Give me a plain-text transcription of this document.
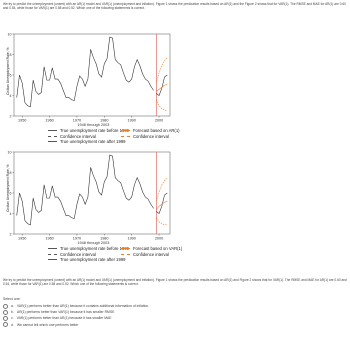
We try to predict the unemployment (unemt) with an AR(1) model and VAR(1) (unemployment and inflation). Figure 1 shows the predication results based on AR(1) and the Figure 2 shows that for VAR(1). The RMSE and MAE for AR(1) are 0.60 and 0.54, while those for VAR(1) are 0.58 and 0.52. Which one of the following statements is correct.
2
4
6
8
10
1950	1960	1970	1980	1990	2000
1948 through 2003
Civilian Unemployment Rate, %
True unemployment rate before 1999 Forecast based on AR(1)
Confidence interval	Confidence interval
True unemployment rate after 1999
2
4
6
8
10
1950	1960	1970	1980	1990	2000
1948 through 2003
Civilian Unemployment Rate, %
True unemployment rate before 1999 Forecast based on VAR(1)
Confidence interval	Confidence interval
True unemployment rate after 1999
We try to predict the unemployment (unemt) with an AR(1) model and VAR(1) (unemployment and inflation). Figure 1 shows the predication results based on AR(1) and Figure 2 shows that for VAR(1). The RMSE and MAE for AR(1) are 0.60 and 0.54, while those for VAR(1) are 0.58 and 0.52. Which one of the following statements is correct.
Select one:
a. VAR(1) performs better than AR(1) because it contains additional information of inflation.
b. AR(1) performs better than VAR(1) because it has smaller RMSE
c. VAR(1) performs better than AR(1) because it has smaller MAE
d. We cannot tell which one performs better
